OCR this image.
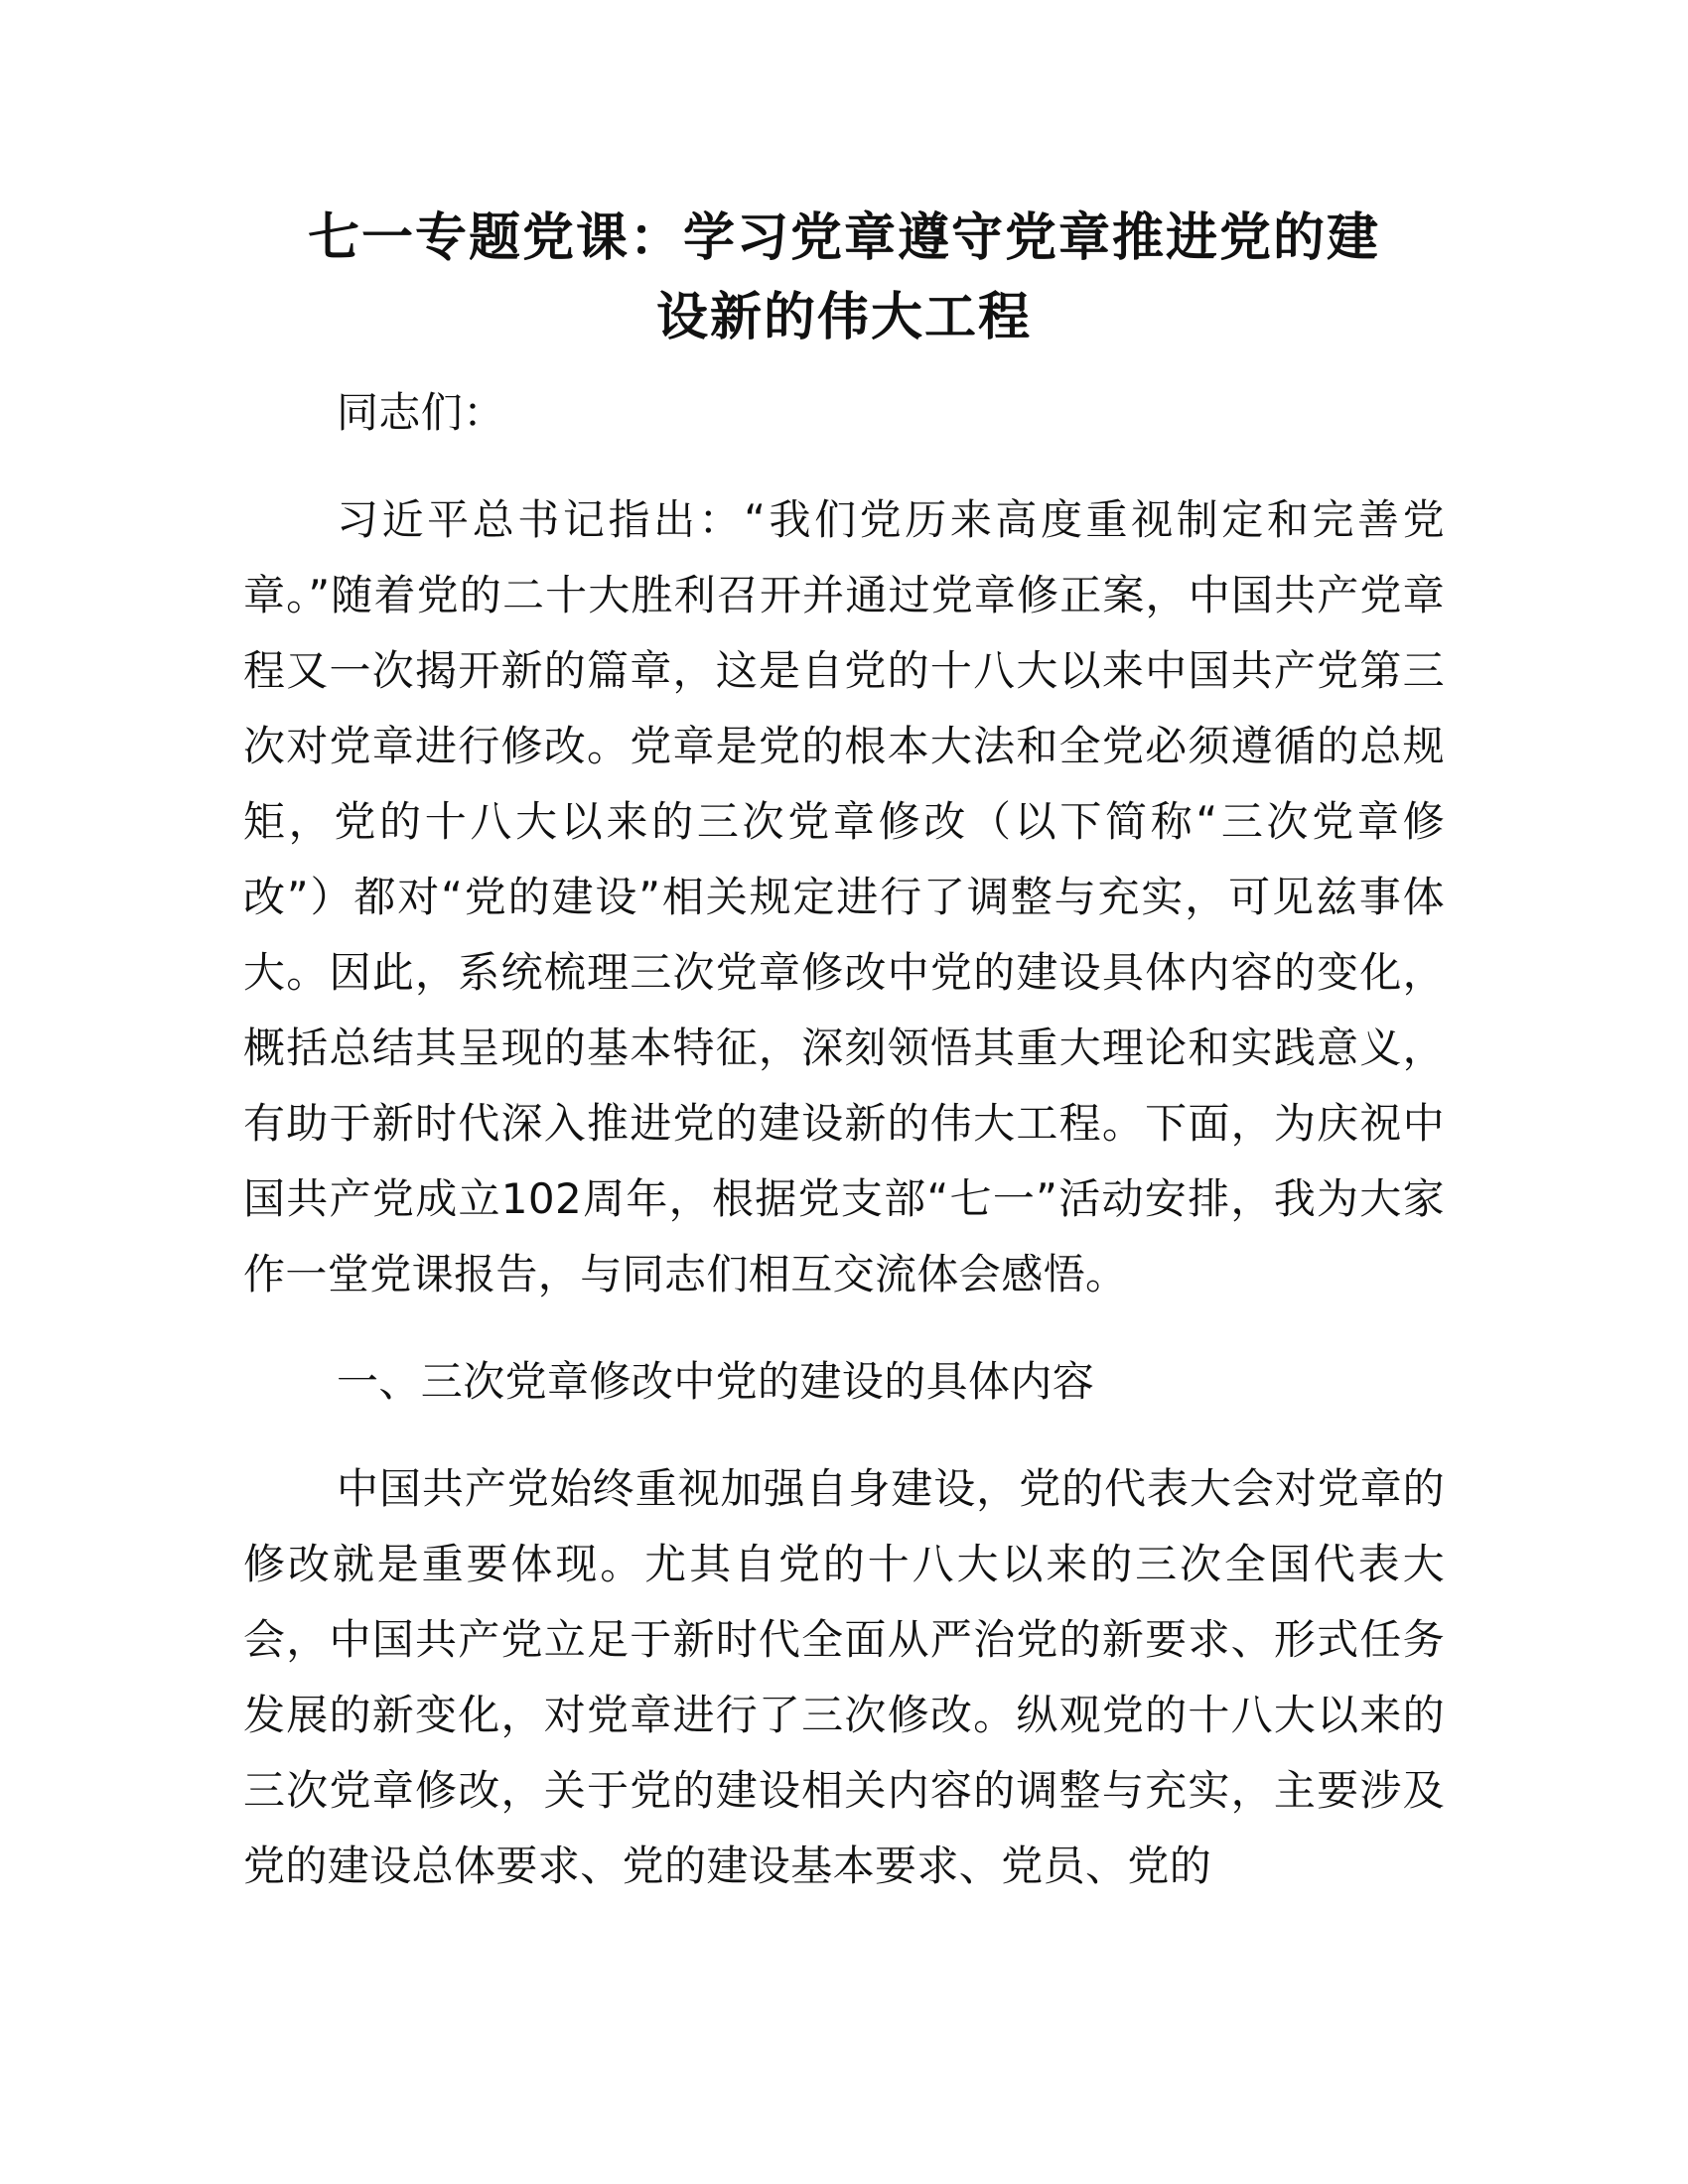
七一专题党课：学习党章遵守党章推进党的建
设新的伟大工程

同志们：

习近平总书记指出：“我们党历来高度重视制定和完善党章。”随着党的二十大胜利召开并通过党章修正案，中国共产党章程又一次揭开新的篇章，这是自党的十八大以来中国共产党第三次对党章进行修改。党章是党的根本大法和全党必须遵循的总规矩，党的十八大以来的三次党章修改（以下简称“三次党章修改”）都对“党的建设”相关规定进行了调整与充实，可见兹事体大。因此，系统梳理三次党章修改中党的建设具体内容的变化，概括总结其呈现的基本特征，深刻领悟其重大理论和实践意义，有助于新时代深入推进党的建设新的伟大工程。下面，为庆祝中国共产党成立102周年，根据党支部“七一”活动安排，我为大家作一堂党课报告，与同志们相互交流体会感悟。

一、三次党章修改中党的建设的具体内容

中国共产党始终重视加强自身建设，党的代表大会对党章的修改就是重要体现。尤其自党的十八大以来的三次全国代表大会，中国共产党立足于新时代全面从严治党的新要求、形式任务发展的新变化，对党章进行了三次修改。纵观党的十八大以来的三次党章修改，关于党的建设相关内容的调整与充实，主要涉及党的建设总体要求、党的建设基本要求、党员、党的
